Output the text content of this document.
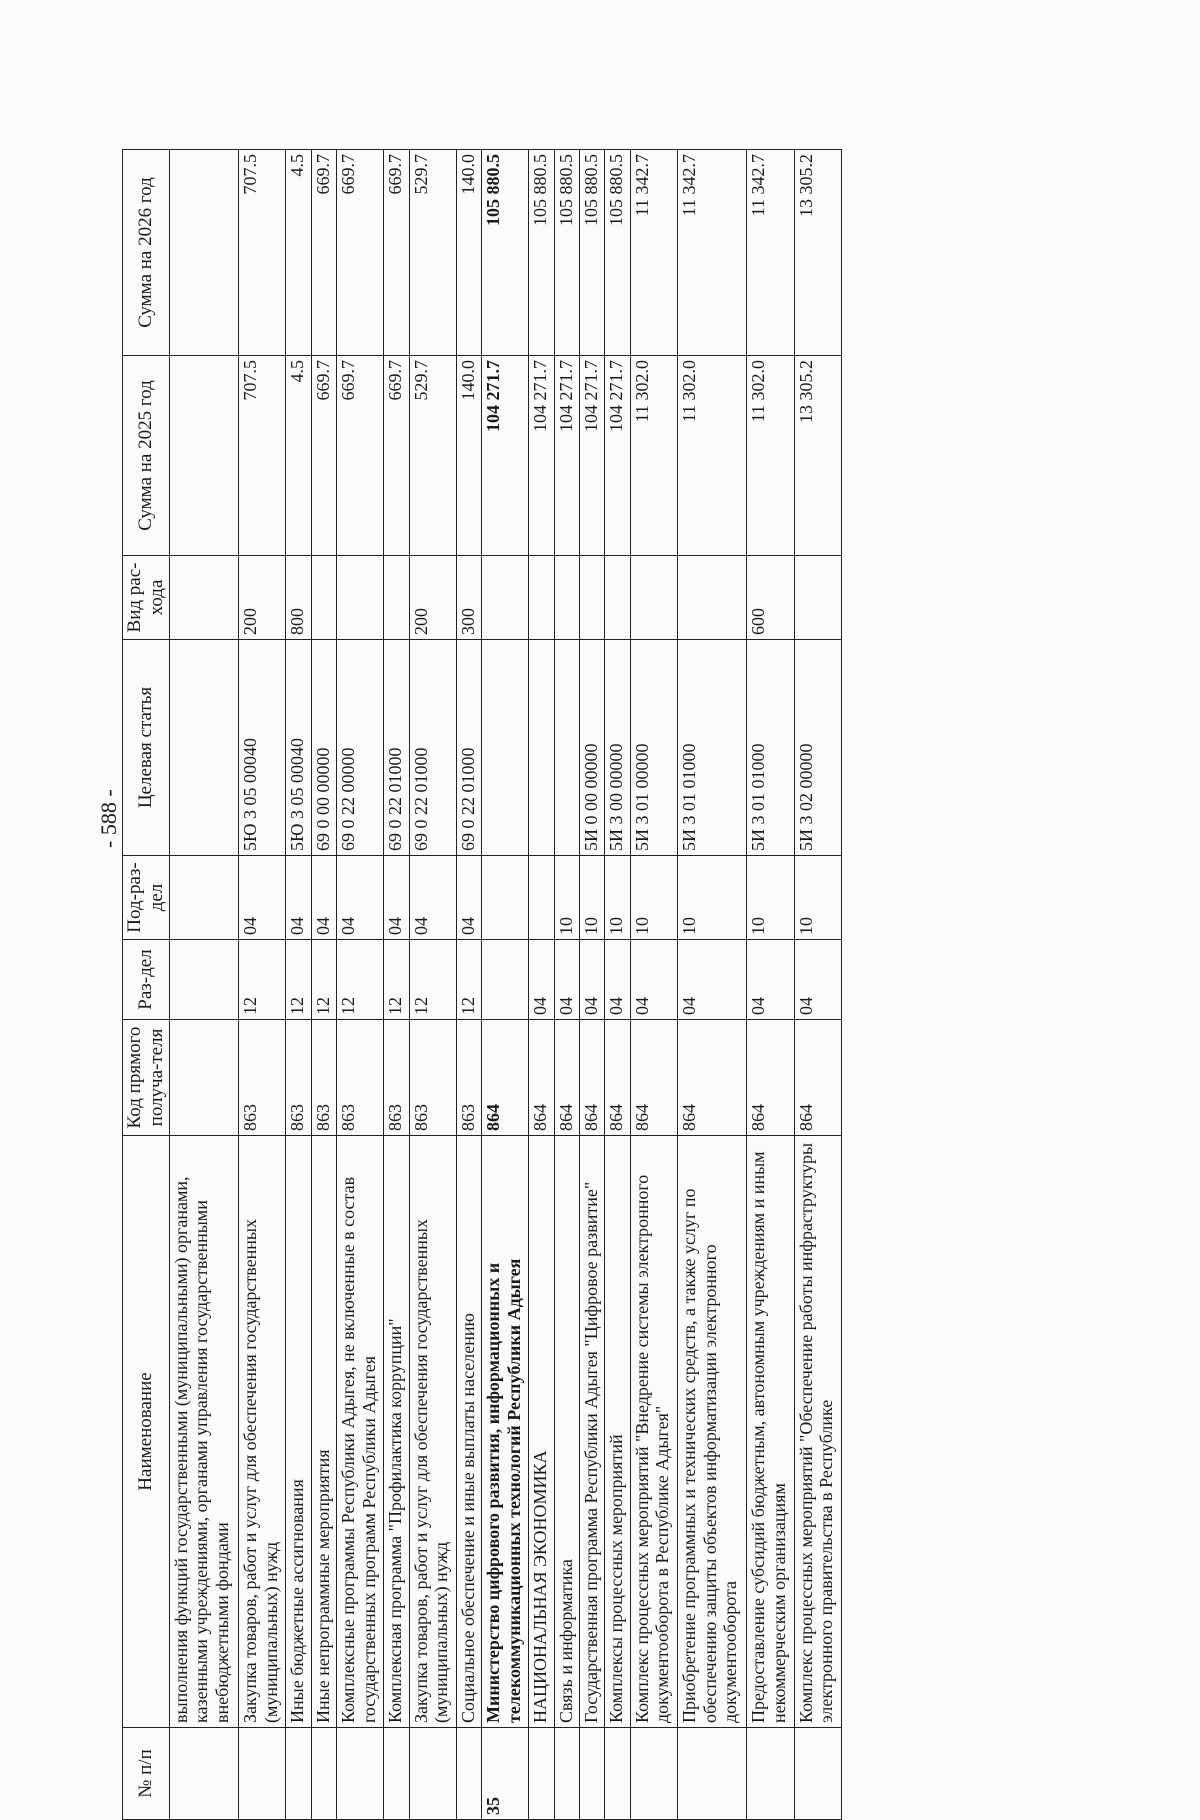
- 588 -
№ п/п	Наименование	Код прямого получа-теля	Раз-дел	Под-раз-дел	Целевая статья	Вид рас-хода	Сумма на 2025 год	Сумма на 2026 год
	выполнения функций государственными (муниципальными) органами, казенными учреждениями, органами управления государственными внебюджетными фондами							
	Закупка товаров, работ и услуг для обеспечения государственных (муниципальных) нужд	863	12	04	5Ю 3 05 00040	200	707.5	707.5
	Иные бюджетные ассигнования	863	12	04	5Ю 3 05 00040	800	4.5	4.5
	Иные непрограммные мероприятия	863	12	04	69 0 00 00000		669.7	669.7
	Комплексные программы Республики Адыгея, не включенные в состав государственных программ Республики Адыгея	863	12	04	69 0 22 00000		669.7	669.7
	Комплексная программа "Профилактика коррупции"	863	12	04	69 0 22 01000		669.7	669.7
	Закупка товаров, работ и услуг для обеспечения государственных (муниципальных) нужд	863	12	04	69 0 22 01000	200	529.7	529.7
	Социальное обеспечение и иные выплаты населению	863	12	04	69 0 22 01000	300	140.0	140.0
35	Министерство цифрового развития, информационных и телекоммуникационных технологий Республики Адыгея	864					104 271.7	105 880.5
	НАЦИОНАЛЬНАЯ ЭКОНОМИКА	864	04				104 271.7	105 880.5
	Связь и информатика	864	04	10			104 271.7	105 880.5
	Государственная программа Республики Адыгея "Цифровое развитие"	864	04	10	5И 0 00 00000		104 271.7	105 880.5
	Комплексы процессных мероприятий	864	04	10	5И 3 00 00000		104 271.7	105 880.5
	Комплекс процессных мероприятий "Внедрение системы электронного документооборота в Республике Адыгея"	864	04	10	5И 3 01 00000		11 302.0	11 342.7
	Приобретение программных и технических средств, а также услуг по обеспечению защиты объектов информатизации электронного документооборота	864	04	10	5И 3 01 01000		11 302.0	11 342.7
	Предоставление субсидий бюджетным, автономным учреждениям и иным некоммерческим организациям	864	04	10	5И 3 01 01000	600	11 302.0	11 342.7
	Комплекс процессных мероприятий "Обеспечение работы инфраструктуры электронного правительства в Республике	864	04	10	5И 3 02 00000		13 305.2	13 305.2
